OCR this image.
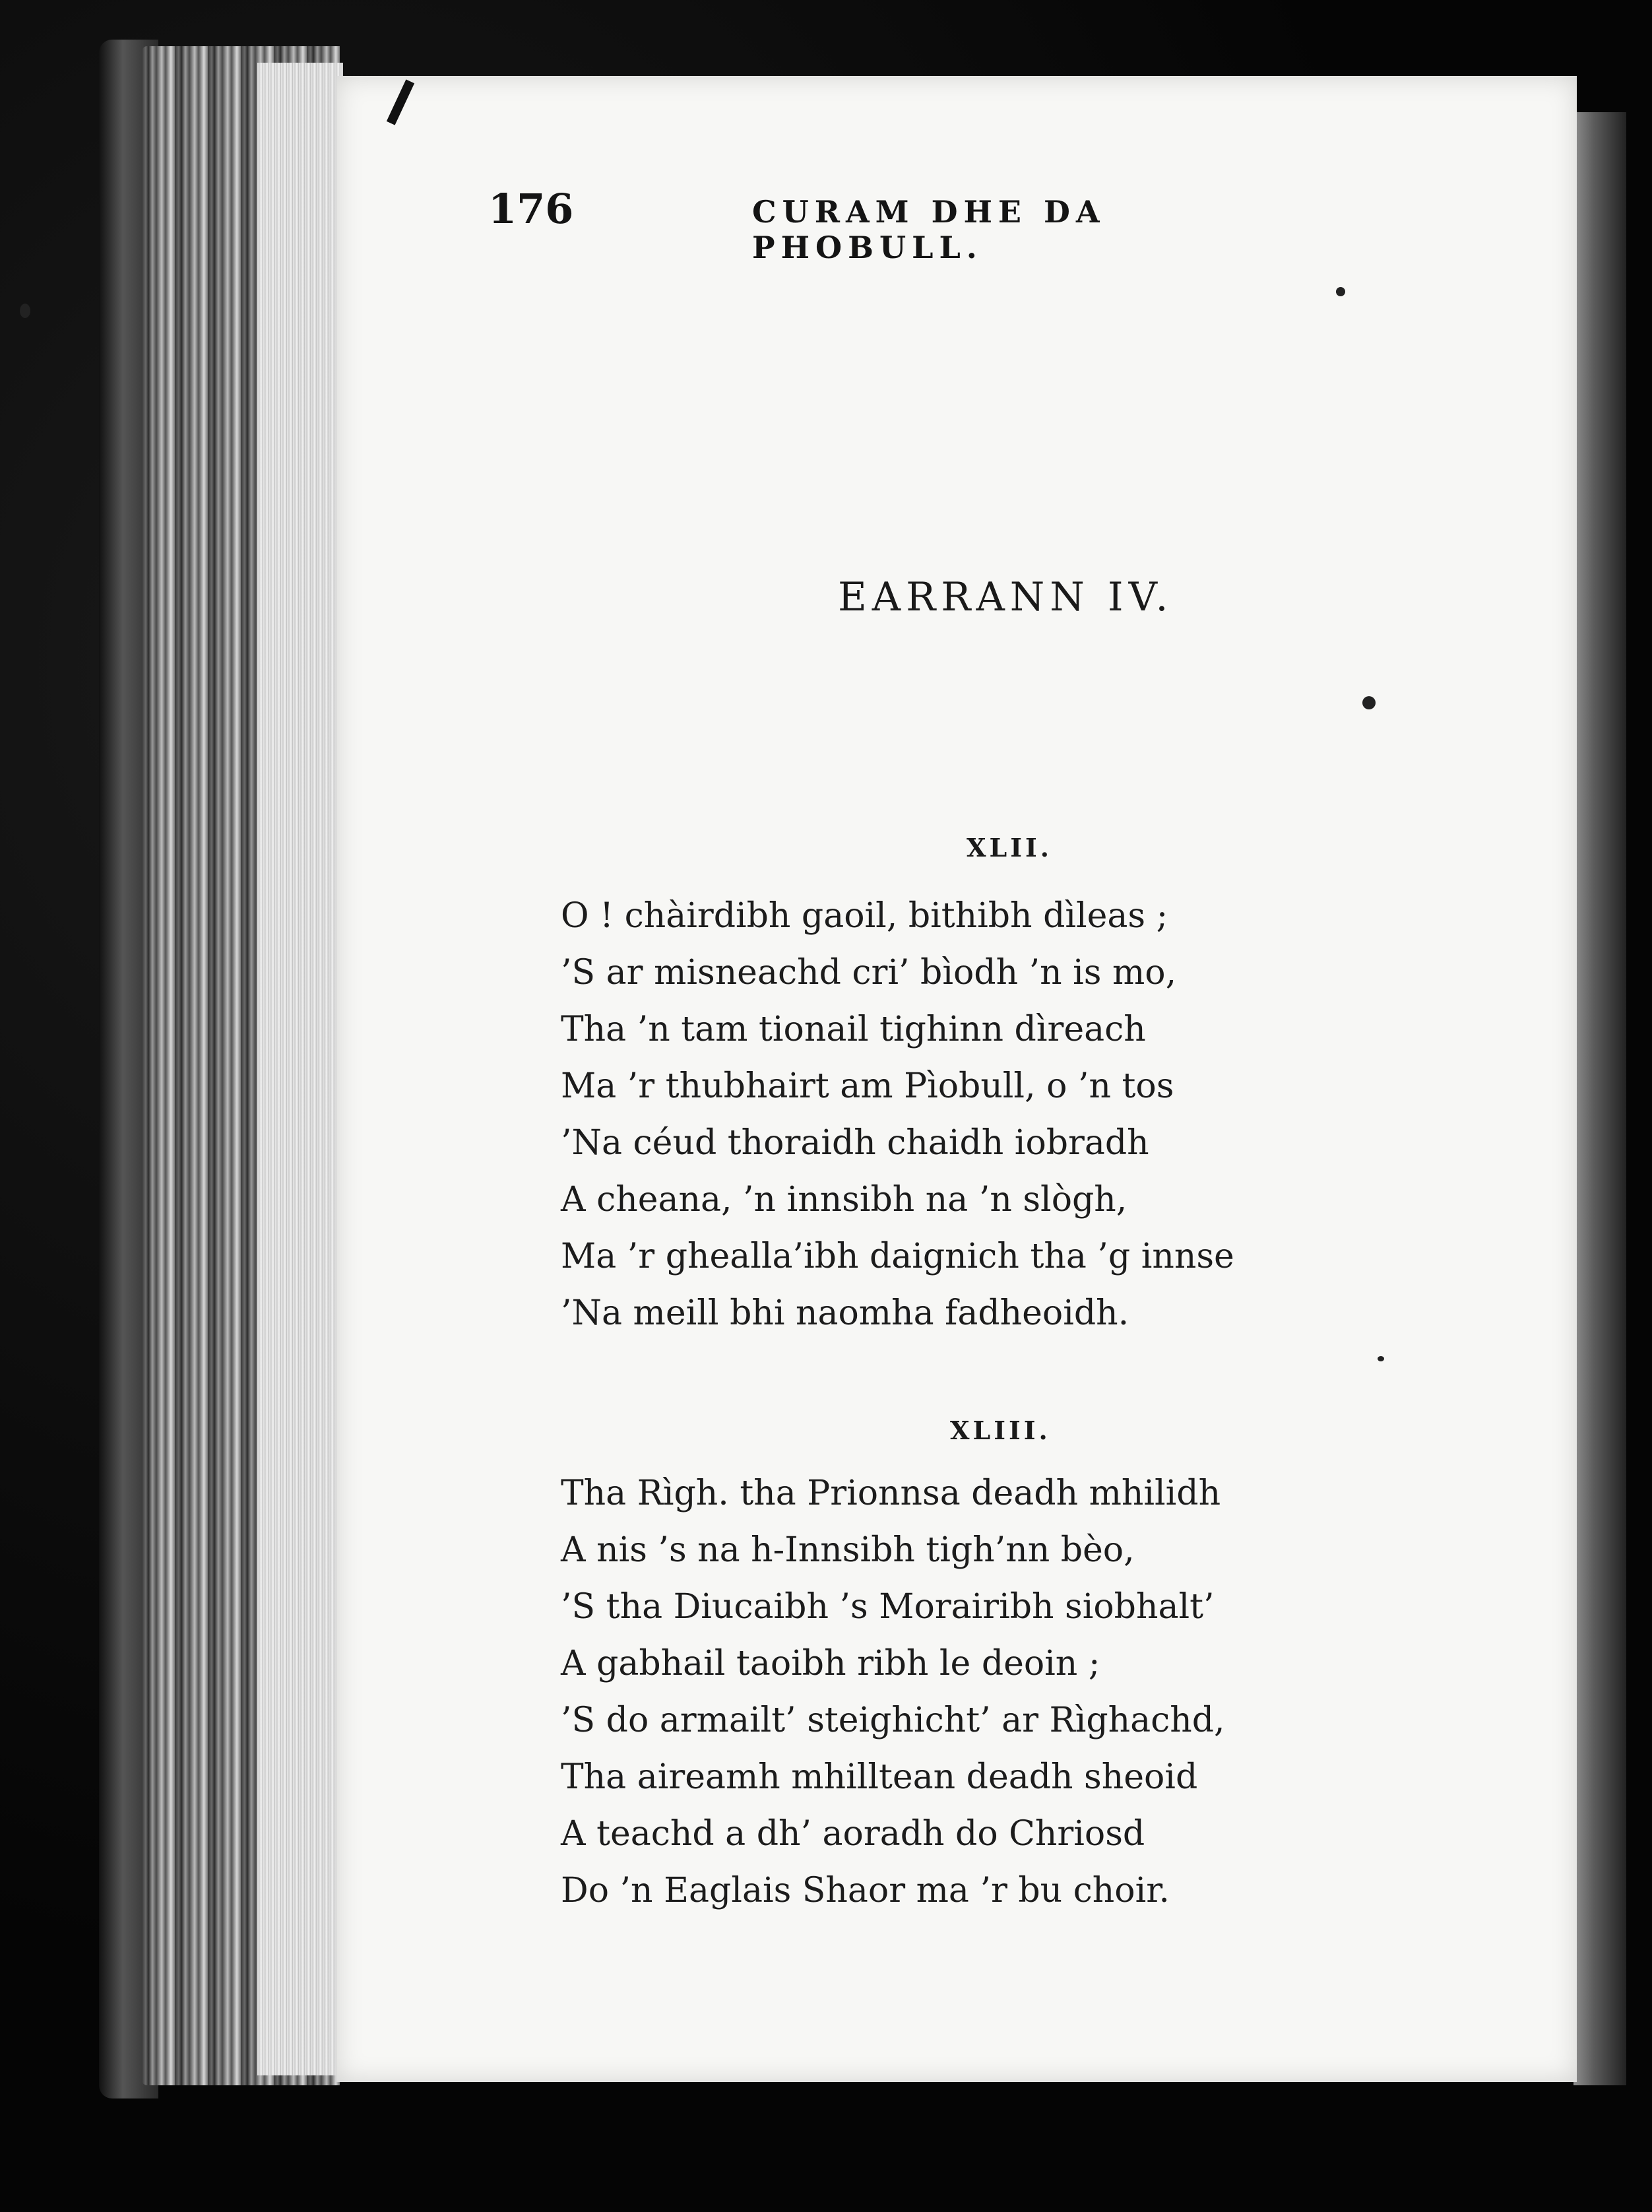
176	CURAM DHE DA PHOBULL.
EARRANN IV.
XLII.
O ! chàirdibh gaoil, bithibh dìleas ;
’S ar misneachd cri’ bìodh ’n is mo,
Tha ’n tam tionail tighinn dìreach
Ma ’r thubhairt am Pìobull, o ’n tos
’Na céud thoraidh chaidh iobradh
A cheana, ’n innsibh na ’n slògh,
Ma ’r ghealla’ibh daignich tha ’g innse
’Na meill bhi naomha fadheoidh.
XLIII.
Tha Rìgh. tha Prionnsa deadh mhilidh
A nis ’s na h-Innsibh tigh’nn bèo,
’S tha Diucaibh ’s Morairibh siobhalt’
A gabhail taoibh ribh le deoin ;
’S do armailt’ steighicht’ ar Rìghachd,
Tha aireamh mhilltean deadh sheoid
A teachd a dh’ aoradh do Chriosd
Do ’n Eaglais Shaor ma ’r bu choir.
